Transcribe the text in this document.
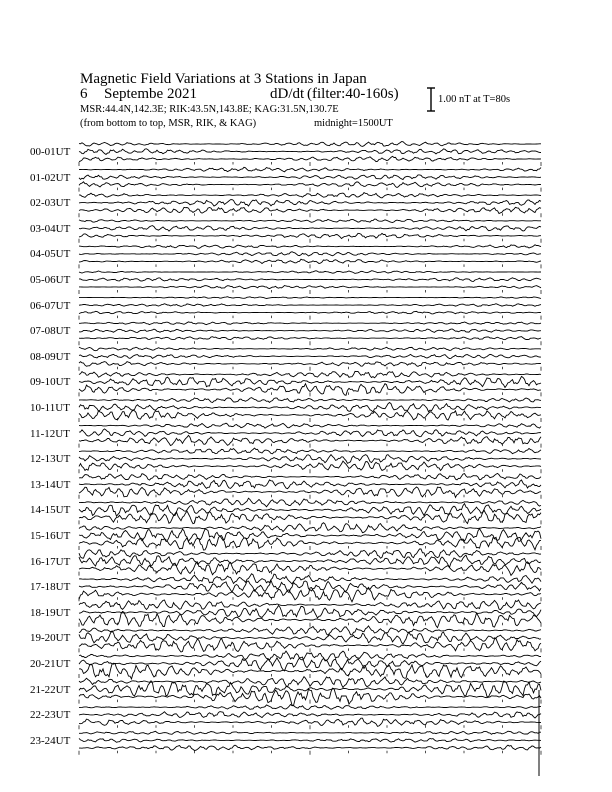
Magnetic Field Variations at 3 Stations in Japan
6 Septembe 2021	dD/dt (filter:40-160s)
MSR:44.4N,142.3E; RIK:43.5N,143.8E; KAG:31.5N,130.7E
(from bottom to top, MSR, RIK, & KAG)	midnight=1500UT
1.00 nT at T=80s
00-01UT
01-02UT
02-03UT
03-04UT
04-05UT
05-06UT
06-07UT
07-08UT
08-09UT
09-10UT
10-11UT
11-12UT
12-13UT
13-14UT
14-15UT
15-16UT
16-17UT
17-18UT
18-19UT
19-20UT
20-21UT
21-22UT
22-23UT
23-24UT
